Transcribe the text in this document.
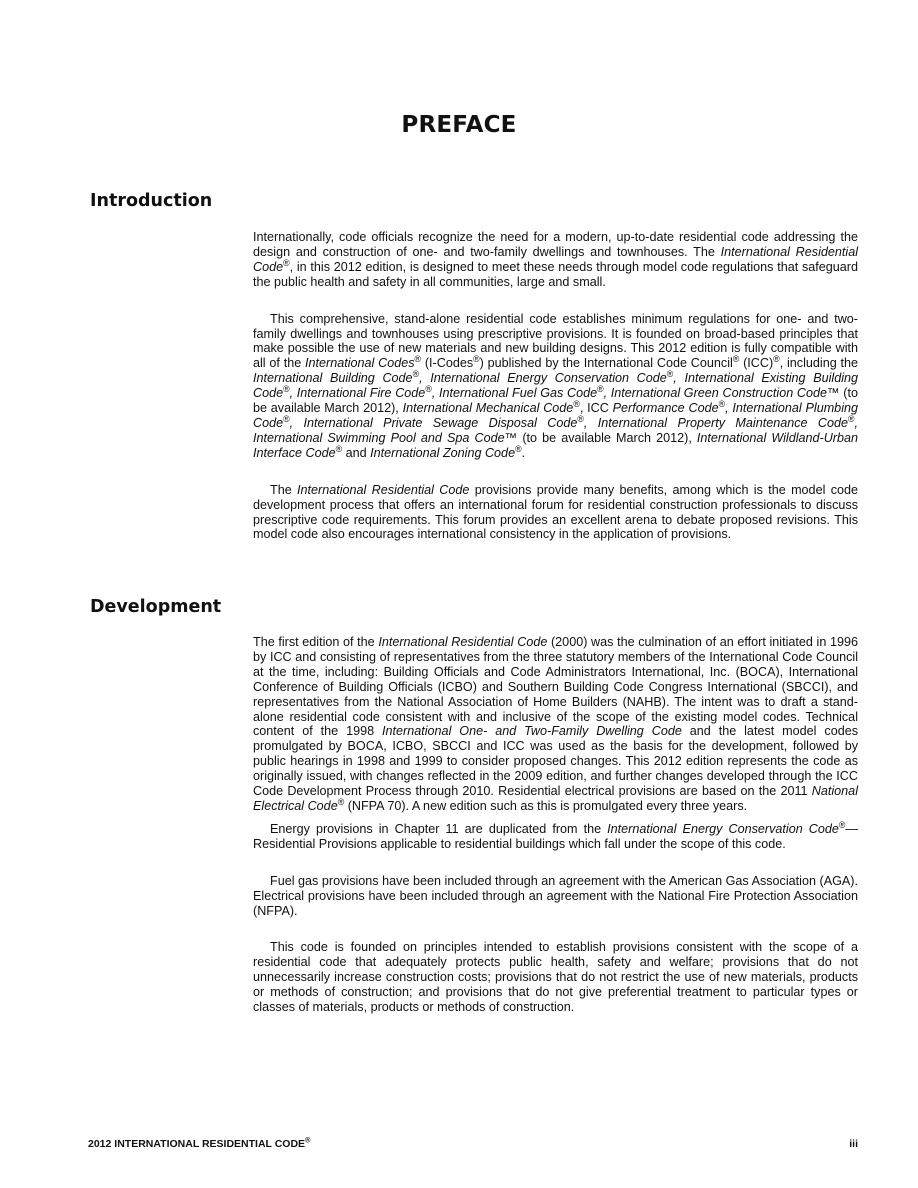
PREFACE
Introduction

Internationally, code officials recognize the need for a modern, up-to-date residential code addressing the design and construction of one- and two-family dwellings and townhouses. The International Residential Code®, in this 2012 edition, is designed to meet these needs through model code regulations that safeguard the public health and safety in all communities, large and small.

This comprehensive, stand-alone residential code establishes minimum regulations for one- and two-family dwellings and townhouses using prescriptive provisions. It is founded on broad-based principles that make possible the use of new materials and new building designs. This 2012 edition is fully compatible with all of the International Codes® (I-Codes®) published by the International Code Council® (ICC)®, including the International Building Code®, International Energy Conservation Code®, International Existing Building Code®, International Fire Code®, International Fuel Gas Code®, International Green Construction Code™ (to be available March 2012), International Mechanical Code®, ICC Performance Code®, International Plumbing Code®, International Private Sewage Disposal Code®, International Property Maintenance Code®, International Swimming Pool and Spa Code™ (to be available March 2012), International Wildland-Urban Interface Code® and International Zoning Code®.

The International Residential Code provisions provide many benefits, among which is the model code development process that offers an international forum for residential construction professionals to discuss prescriptive code requirements. This forum provides an excellent arena to debate proposed revisions. This model code also encourages international consistency in the application of provisions.

Development

The first edition of the International Residential Code (2000) was the culmination of an effort initiated in 1996 by ICC and consisting of representatives from the three statutory members of the International Code Council at the time, including: Building Officials and Code Administrators International, Inc. (BOCA), International Conference of Building Officials (ICBO) and Southern Building Code Congress International (SBCCI), and representatives from the National Association of Home Builders (NAHB). The intent was to draft a stand-alone residential code consistent with and inclusive of the scope of the existing model codes. Technical content of the 1998 International One- and Two-Family Dwelling Code and the latest model codes promulgated by BOCA, ICBO, SBCCI and ICC was used as the basis for the development, followed by public hearings in 1998 and 1999 to consider proposed changes. This 2012 edition represents the code as originally issued, with changes reflected in the 2009 edition, and further changes developed through the ICC Code Development Process through 2010. Residential electrical provisions are based on the 2011 National Electrical Code® (NFPA 70). A new edition such as this is promulgated every three years.

Energy provisions in Chapter 11 are duplicated from the International Energy Conservation Code®—Residential Provisions applicable to residential buildings which fall under the scope of this code.

Fuel gas provisions have been included through an agreement with the American Gas Association (AGA). Electrical provisions have been included through an agreement with the National Fire Protection Association (NFPA).

This code is founded on principles intended to establish provisions consistent with the scope of a residential code that adequately protects public health, safety and welfare; provisions that do not unnecessarily increase construction costs; provisions that do not restrict the use of new materials, products or methods of construction; and provisions that do not give preferential treatment to particular types or classes of materials, products or methods of construction.

2012 INTERNATIONAL RESIDENTIAL CODE®	iii
